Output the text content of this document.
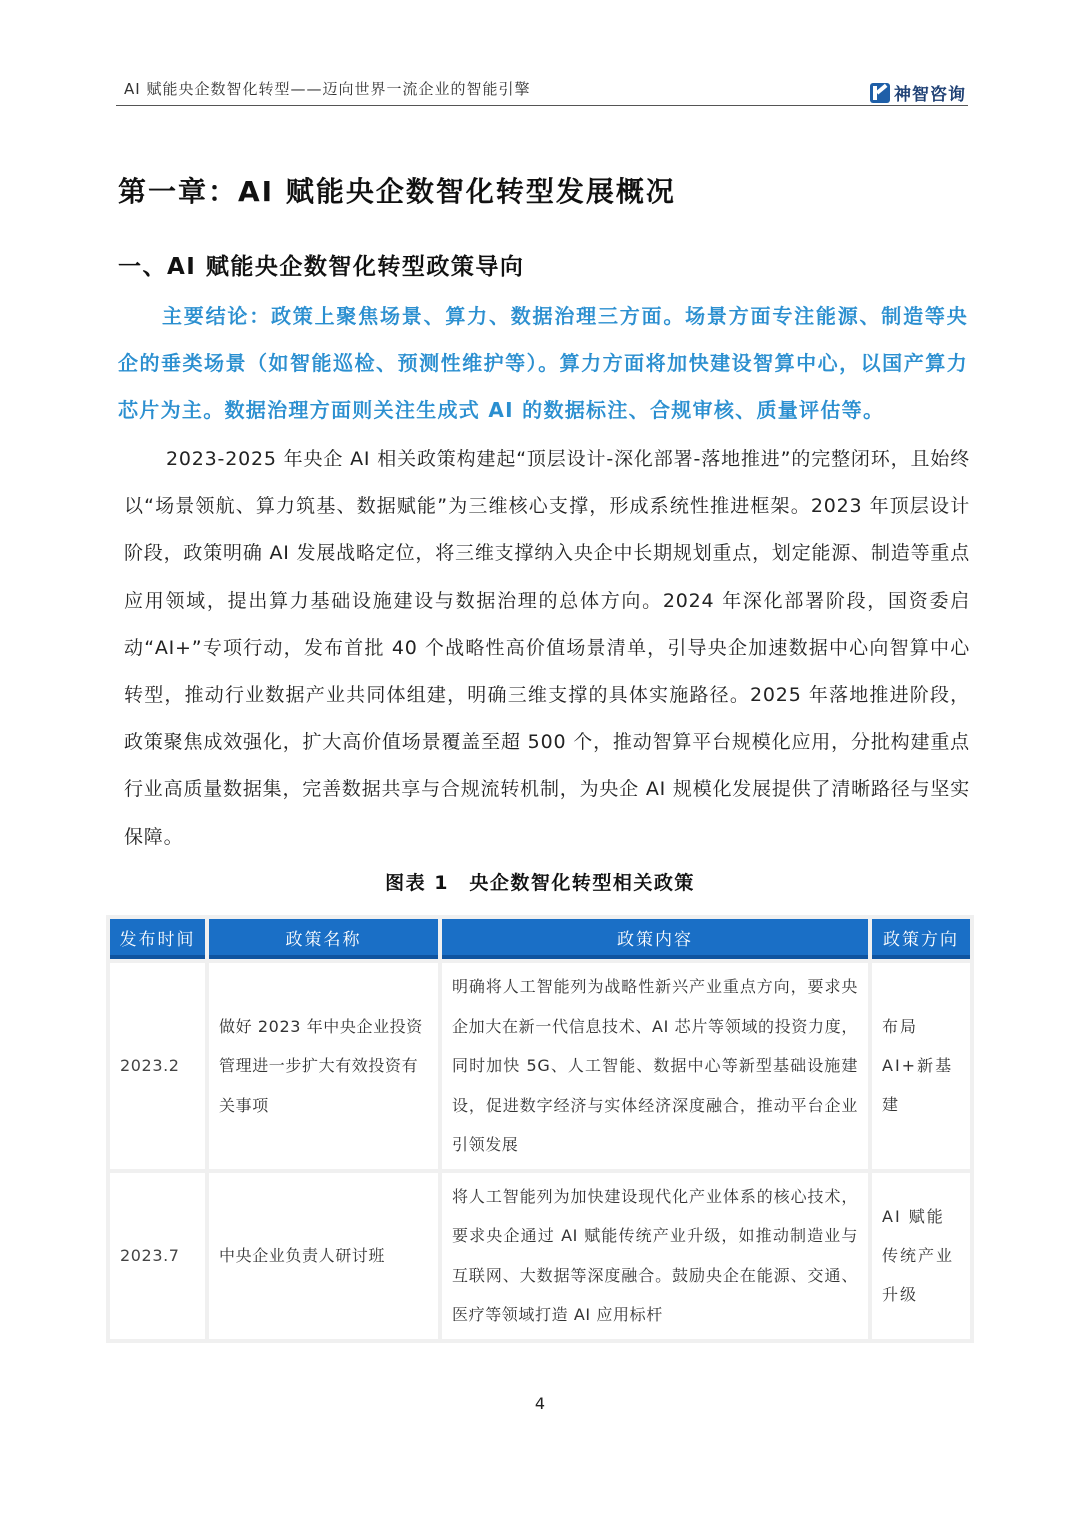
AI 赋能央企数智化转型——迈向世界一流企业的智能引擎	神智咨询
第一章：AI 赋能央企数智化转型发展概况
一、AI 赋能央企数智化转型政策导向

主要结论：政策上聚焦场景、算力、数据治理三方面。场景方面专注能源、制造等央企的垂类场景（如智能巡检、预测性维护等）。算力方面将加快建设智算中心，以国产算力芯片为主。数据治理方面则关注生成式 AI 的数据标注、合规审核、质量评估等。

2023-2025 年央企 AI 相关政策构建起“顶层设计-深化部署-落地推进”的完整闭环，且始终以“场景领航、算力筑基、数据赋能”为三维核心支撑，形成系统性推进框架。2023 年顶层设计阶段，政策明确 AI 发展战略定位，将三维支撑纳入央企中长期规划重点，划定能源、制造等重点应用领域，提出算力基础设施建设与数据治理的总体方向。2024 年深化部署阶段，国资委启动“AI+”专项行动，发布首批 40 个战略性高价值场景清单，引导央企加速数据中心向智算中心转型，推动行业数据产业共同体组建，明确三维支撑的具体实施路径。2025 年落地推进阶段，政策聚焦成效强化，扩大高价值场景覆盖至超 500 个，推动智算平台规模化应用，分批构建重点行业高质量数据集，完善数据共享与合规流转机制，为央企 AI 规模化发展提供了清晰路径与坚实保障。

图表 1　央企数智化转型相关政策
发布时间	政策名称	政策内容	政策方向
2023.2	做好 2023 年中央企业投资管理进一步扩大有效投资有关事项	明确将人工智能列为战略性新兴产业重点方向，要求央企加大在新一代信息技术、AI 芯片等领域的投资力度，同时加快 5G、人工智能、数据中心等新型基础设施建设，促进数字经济与实体经济深度融合，推动平台企业引领发展	布局 AI+新基建
2023.7	中央企业负责人研讨班	将人工智能列为加快建设现代化产业体系的核心技术，要求央企通过 AI 赋能传统产业升级，如推动制造业与互联网、大数据等深度融合。鼓励央企在能源、交通、医疗等领域打造 AI 应用标杆	AI 赋能传统产业升级
4
